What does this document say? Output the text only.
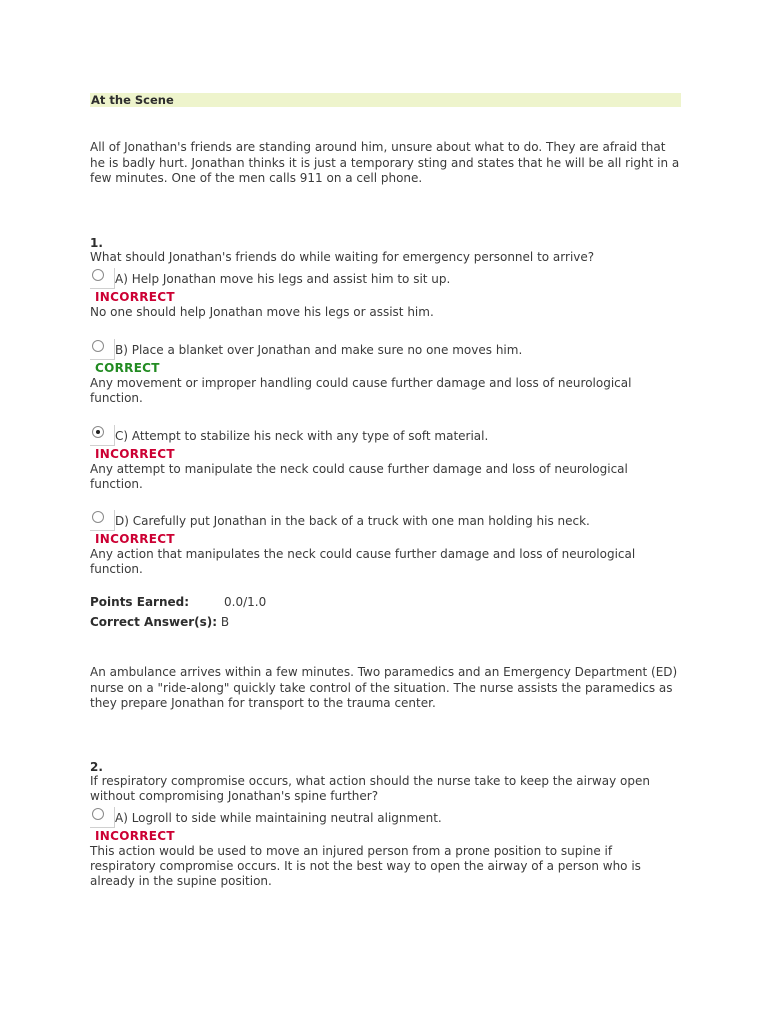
At the Scene
All of Jonathan's friends are standing around him, unsure about what to do. They are afraid that he is badly hurt. Jonathan thinks it is just a temporary sting and states that he will be all right in a few minutes. One of the men calls 911 on a cell phone.
1.
What should Jonathan's friends do while waiting for emergency personnel to arrive?
A) Help Jonathan move his legs and assist him to sit up.
INCORRECT
No one should help Jonathan move his legs or assist him.
B) Place a blanket over Jonathan and make sure no one moves him.
CORRECT
Any movement or improper handling could cause further damage and loss of neurological function.
C) Attempt to stabilize his neck with any type of soft material.
INCORRECT
Any attempt to manipulate the neck could cause further damage and loss of neurological function.
D) Carefully put Jonathan in the back of a truck with one man holding his neck.
INCORRECT
Any action that manipulates the neck could cause further damage and loss of neurological function.
Points Earned:	0.0/1.0
Correct Answer(s): B
An ambulance arrives within a few minutes. Two paramedics and an Emergency Department (ED) nurse on a "ride-along" quickly take control of the situation. The nurse assists the paramedics as they prepare Jonathan for transport to the trauma center.
2.
If respiratory compromise occurs, what action should the nurse take to keep the airway open without compromising Jonathan's spine further?
A) Logroll to side while maintaining neutral alignment.
INCORRECT
This action would be used to move an injured person from a prone position to supine if respiratory compromise occurs. It is not the best way to open the airway of a person who is already in the supine position.
